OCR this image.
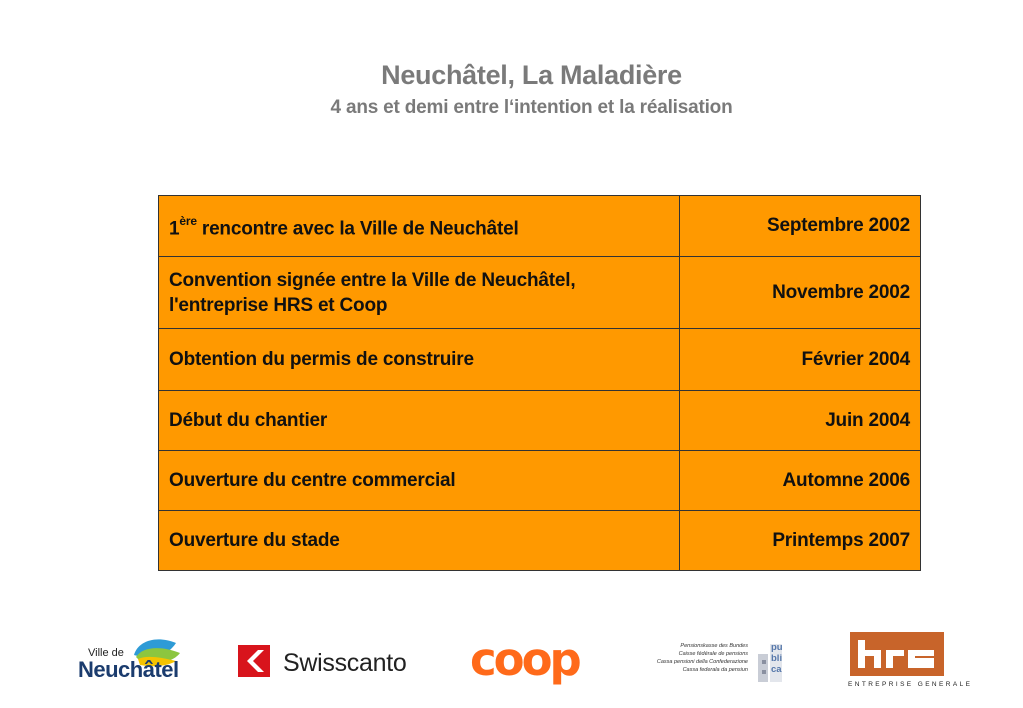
Neuchâtel, La Maladière
4 ans et demi entre l‘intention et la réalisation
1ère rencontre avec la Ville de Neuchâtel	Septembre 2002
Convention signée entre la Ville de Neuchâtel,
l'entreprise HRS et Coop	Novembre 2002
Obtention du permis de construire	Février 2004
Début du chantier	Juin 2004
Ouverture du centre commercial	Automne 2006
Ouverture du stade	Printemps 2007
Ville de
Neuchâtel	Swisscanto coop	Pensionskasse des Bundes
Caisse fédérale de pensions
Cassa pensioni della Confederazione
Cassa federala da pensiun
pu bli ca
ENTREPRISE GENERALE
